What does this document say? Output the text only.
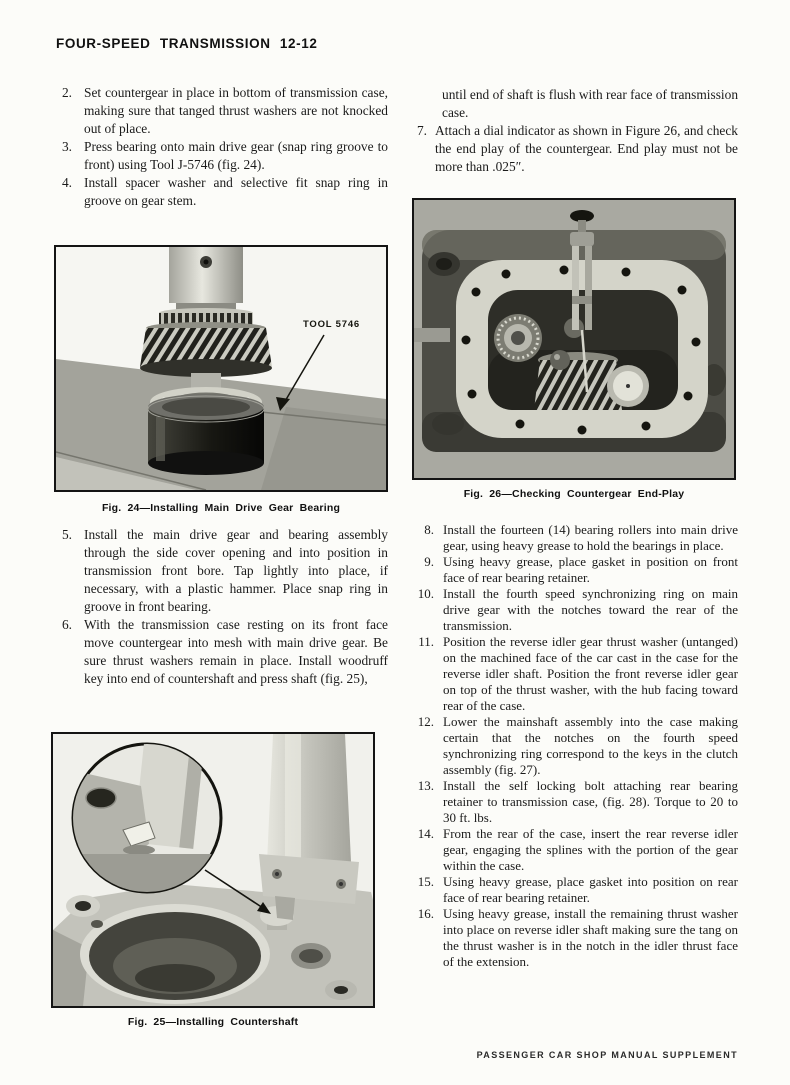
FOUR-SPEED TRANSMISSION 12-12
2. Set countergear in place in bottom of transmission case, making sure that tanged thrust washers are not knocked out of place.
3. Press bearing onto main drive gear (snap ring groove to front) using Tool J-5746 (fig. 24).
4. Install spacer washer and selective fit snap ring in groove on gear stem.
TOOL 5746
Fig. 24—Installing Main Drive Gear Bearing
5. Install the main drive gear and bearing assembly through the side cover opening and into position in transmission front bore. Tap lightly into place, if necessary, with a plastic hammer. Place snap ring in groove in front bearing.
6. With the transmission case resting on its front face move countergear into mesh with main drive gear. Be sure thrust washers remain in place. Install woodruff key into end of countershaft and press shaft (fig. 25),
Fig. 25—Installing Countershaft
until end of shaft is flush with rear face of transmission case.
7. Attach a dial indicator as shown in Figure 26, and check the end play of the countergear. End play must not be more than .025″.
Fig. 26—Checking Countergear End-Play
8. Install the fourteen (14) bearing rollers into main drive gear, using heavy grease to hold the bearings in place.
9. Using heavy grease, place gasket in position on front face of rear bearing retainer.
10. Install the fourth speed synchronizing ring on main drive gear with the notches toward the rear of the transmission.
11. Position the reverse idler gear thrust washer (untanged) on the machined face of the car cast in the case for the reverse idler shaft. Position the front reverse idler gear on top of the thrust washer, with the hub facing toward rear of the case.
12. Lower the mainshaft assembly into the case making certain that the notches on the fourth speed synchronizing ring correspond to the keys in the clutch assembly (fig. 27).
13. Install the self locking bolt attaching rear bearing retainer to transmission case, (fig. 28). Torque to 20 to 30 ft. lbs.
14. From the rear of the case, insert the rear reverse idler gear, engaging the splines with the portion of the gear within the case.
15. Using heavy grease, place gasket into position on rear face of rear bearing retainer.
16. Using heavy grease, install the remaining thrust washer into place on reverse idler shaft making sure the tang on the thrust washer is in the notch in the idler thrust face of the extension.
PASSENGER CAR SHOP MANUAL SUPPLEMENT
